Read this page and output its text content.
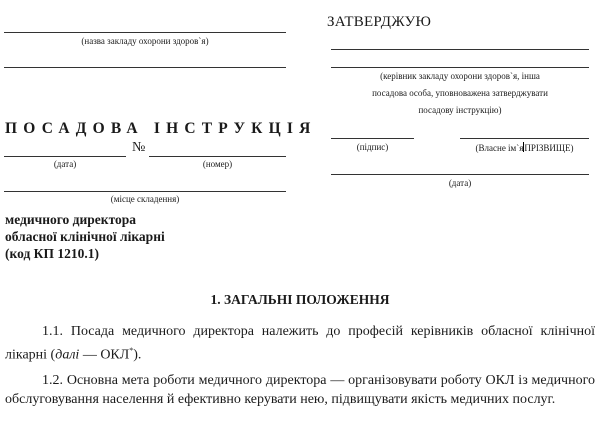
(назва закладу охорони здоров`я)
ПОСАДОВА ІНСТРУКЦІЯ
№
(дата)	(номер)
(місце складення)
медичного директора
обласної клінічної лікарні
(код КП 1210.1)
ЗАТВЕРДЖУЮ
(керівник закладу охорони здоров`я, інша
посадова особа, уповноважена затверджувати
посадову інструкцію)
(підпис)	(Власне ім`яПРІЗВИЩЕ)
(дата)
1. ЗАГАЛЬНІ ПОЛОЖЕННЯ
1.1. Посада медичного директора належить до професій керівників обласної клінічної лікарні (далі — ОКЛ*).
1.2. Основна мета роботи медичного директора — організовувати роботу ОКЛ із медичного обслуговування населення й ефективно керувати нею, підвищувати якість медичних послуг.
